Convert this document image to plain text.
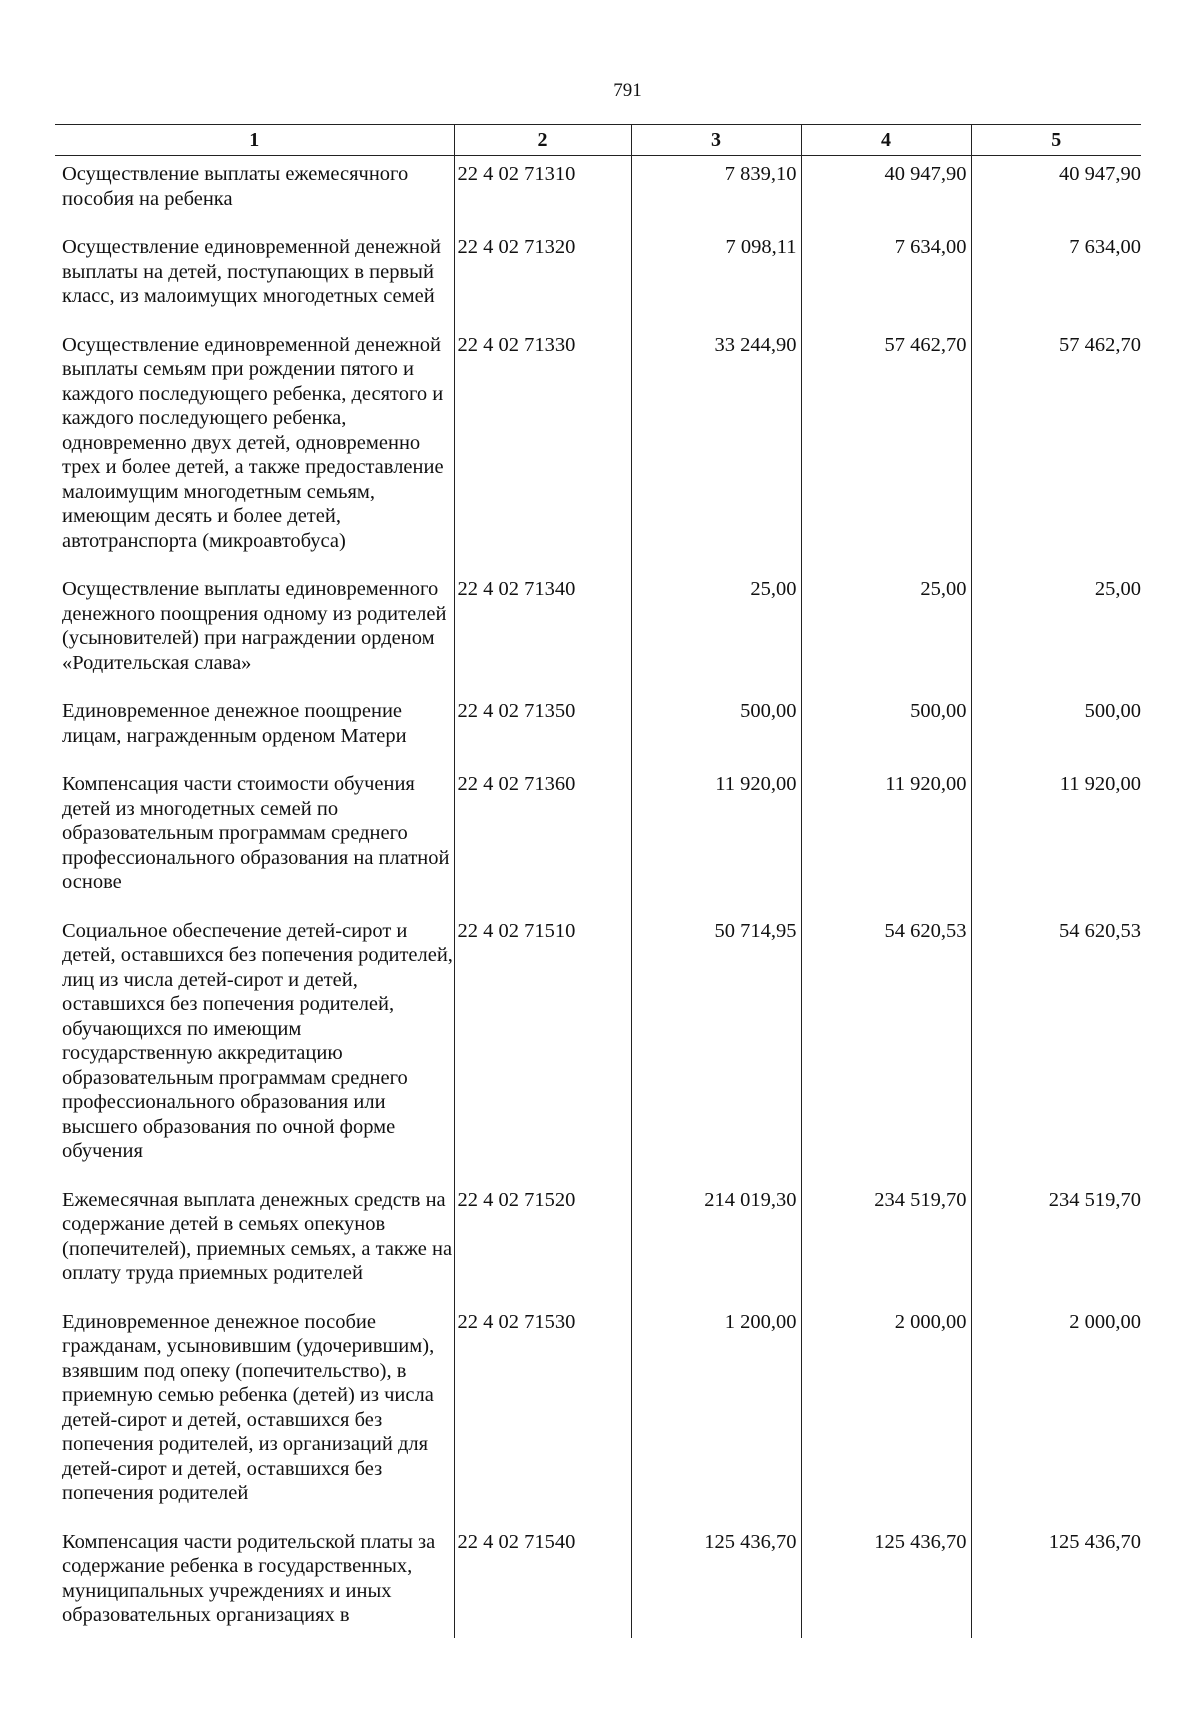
791
1	2	3	4	5
Осуществление выплаты ежемесячного пособия на ребенка	22 4 02 71310	7 839,10	40 947,90	40 947,90
Осуществление единовременной денежной выплаты на детей, поступающих в первый класс, из малоимущих многодетных семей	22 4 02 71320	7 098,11	7 634,00	7 634,00
Осуществление единовременной денежной выплаты семьям при рождении пятого и каждого последующего ребенка, десятого и каждого последующего ребенка, одновременно двух детей, одновременно трех и более детей, а также предоставление малоимущим многодетным семьям, имеющим десять и более детей, автотранспорта (микроавтобуса)	22 4 02 71330	33 244,90	57 462,70	57 462,70
Осуществление выплаты единовременного денежного поощрения одному из родителей (усыновителей) при награждении орденом «Родительская слава»	22 4 02 71340	25,00	25,00	25,00
Единовременное денежное поощрение лицам, награжденным орденом Матери	22 4 02 71350	500,00	500,00	500,00
Компенсация части стоимости обучения детей из многодетных семей по образовательным программам среднего профессионального образования на платной основе	22 4 02 71360	11 920,00	11 920,00	11 920,00
Социальное обеспечение детей-сирот и детей, оставшихся без попечения родителей, лиц из числа детей-сирот и детей, оставшихся без попечения родителей, обучающихся по имеющим государственную аккредитацию образовательным программам среднего профессионального образования или высшего образования по очной форме обучения	22 4 02 71510	50 714,95	54 620,53	54 620,53
Ежемесячная выплата денежных средств на содержание детей в семьях опекунов (попечителей), приемных семьях, а также на оплату труда приемных родителей	22 4 02 71520	214 019,30	234 519,70	234 519,70
Единовременное денежное пособие гражданам, усыновившим (удочерившим), взявшим под опеку (попечительство), в приемную семью ребенка (детей) из числа детей-сирот и детей, оставшихся без попечения родителей, из организаций для детей-сирот и детей, оставшихся без попечения родителей	22 4 02 71530	1 200,00	2 000,00	2 000,00
Компенсация части родительской платы за содержание ребенка в государственных, муниципальных учреждениях и иных образовательных организациях в	22 4 02 71540	125 436,70	125 436,70	125 436,70
